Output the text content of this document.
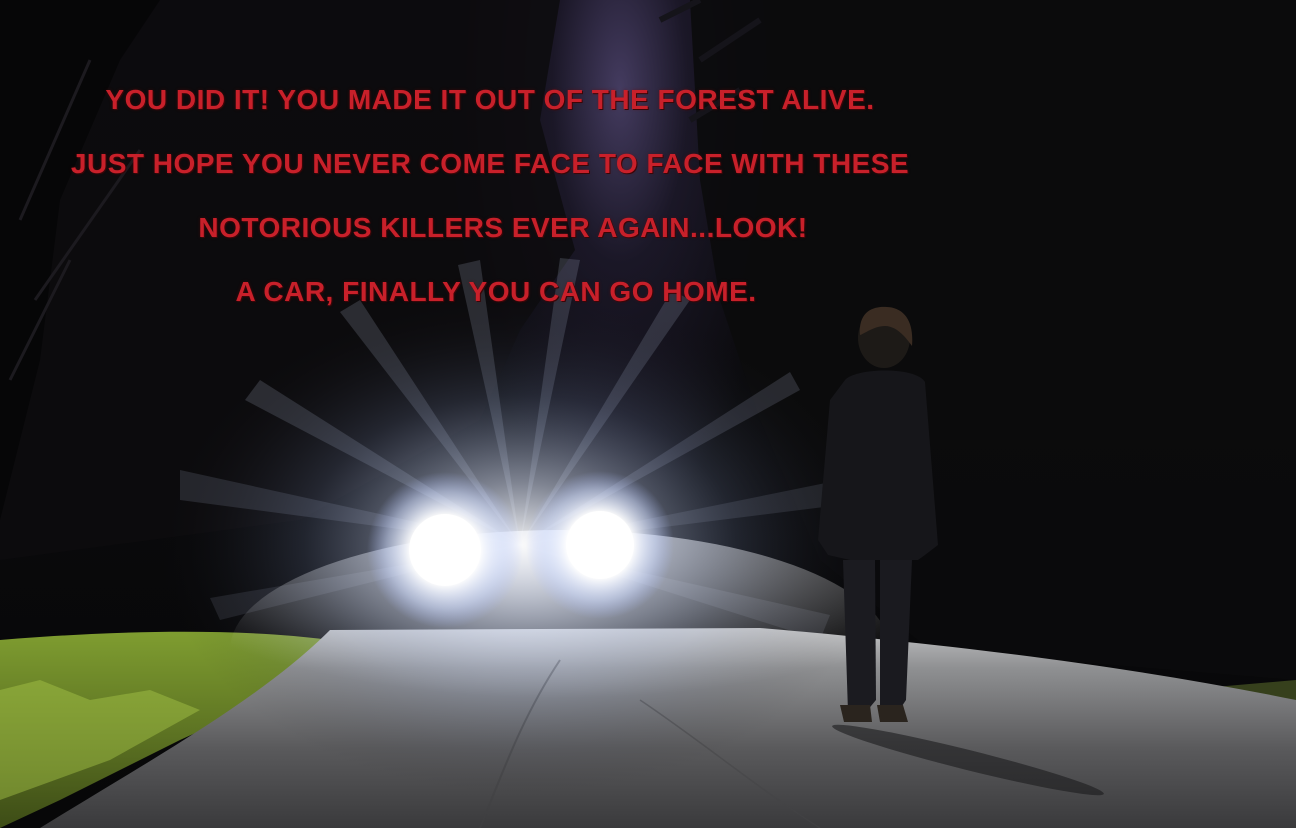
YOU DID IT! YOU MADE IT OUT OF THE FOREST ALIVE.
JUST HOPE YOU NEVER COME FACE TO FACE WITH THESE
NOTORIOUS KILLERS EVER AGAIN...LOOK!
A CAR, FINALLY YOU CAN GO HOME.
